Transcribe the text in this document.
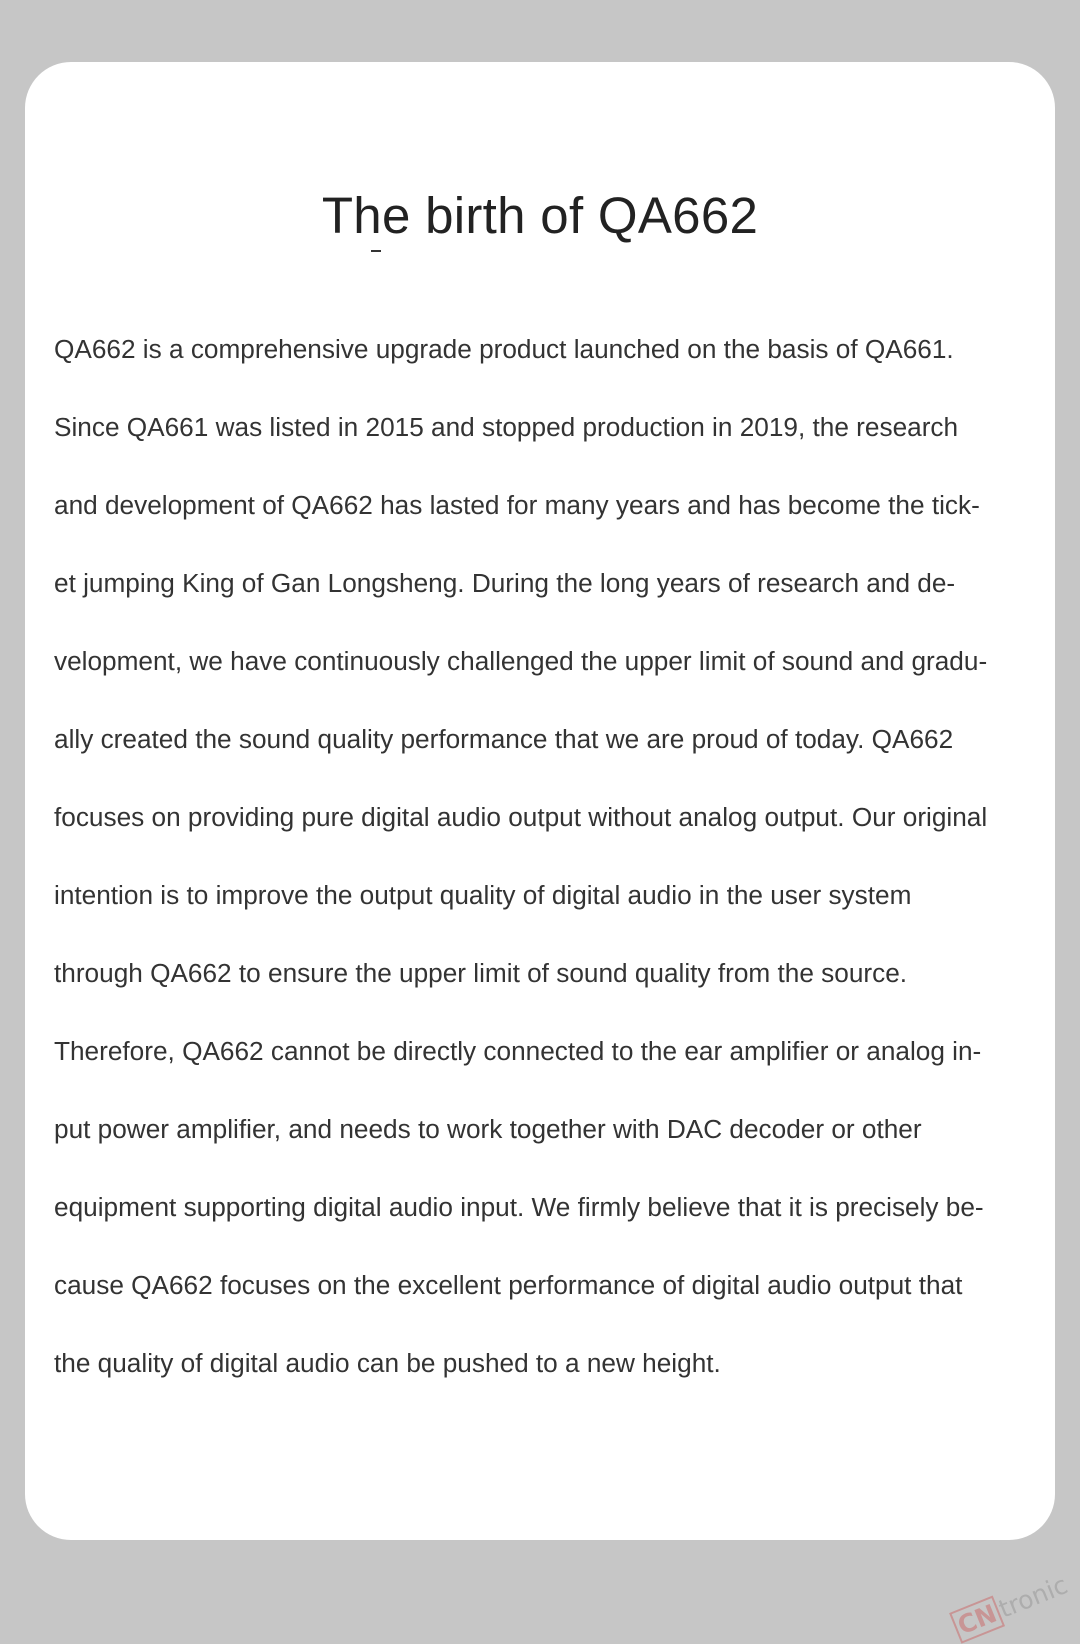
The birth of QA662
QA662 is a comprehensive upgrade product launched on the basis of QA661.
Since QA661 was listed in 2015 and stopped production in 2019, the research
and development of QA662 has lasted for many years and has become the tick-
et jumping King of Gan Longsheng. During the long years of research and de-
velopment, we have continuously challenged the upper limit of sound and gradu-
ally created the sound quality performance that we are proud of today. QA662
focuses on providing pure digital audio output without analog output. Our original
intention is to improve the output quality of digital audio in the user system
through QA662 to ensure the upper limit of sound quality from the source.
Therefore, QA662 cannot be directly connected to the ear amplifier or analog in-
put power amplifier, and needs to work together with DAC decoder or other
equipment supporting digital audio input. We firmly believe that it is precisely be-
cause QA662 focuses on the excellent performance of digital audio output that
the quality of digital audio can be pushed to a new height.
CNtronic
